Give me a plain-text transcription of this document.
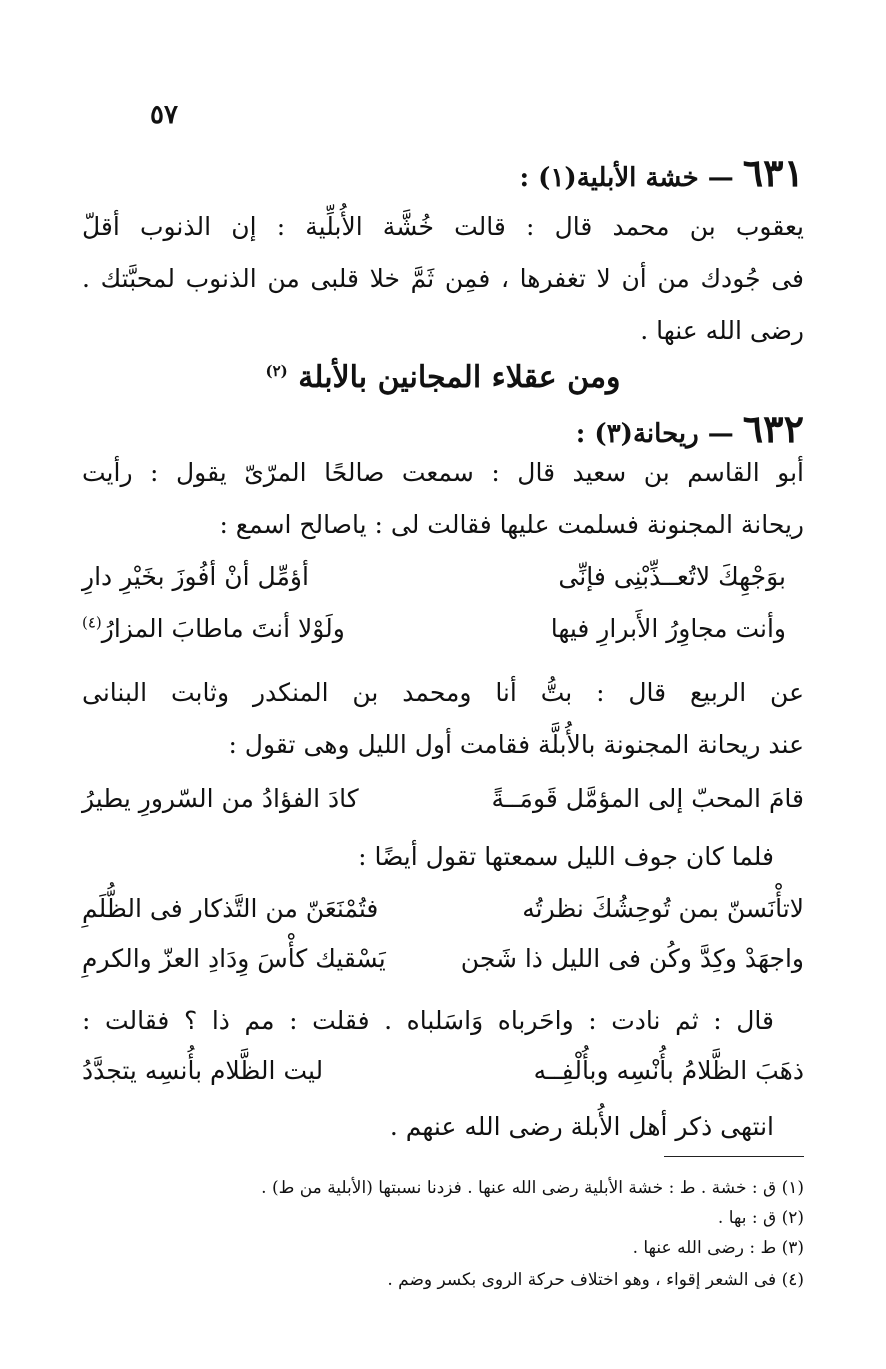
٥٧
٦٣١ — خشة الأبلية(١) :
يعقوب بن محمد قال : قالت خُشَّة الأُبلِّية : إن الذنوب أقلّ
فى جُودك من أن لا تغفرها ، فمِن ثَمَّ خلا قلبى من الذنوب لمحبَّتك .
رضى الله عنها .
ومن عقلاء المجانين بالأبلة $^{(٢)}$
٦٣٢ — ريحانة(٣) :
أبو القاسم بن سعيد قال : سمعت صالحًا المرّىّ يقول : رأيت
ريحانة المجنونة فسلمت عليها فقالت لى : ياصالح اسمع :
بوَجْهِكَ لاتُعــذِّبْنِى فإنِّى
أؤمِّل أنْ أفُوزَ بخَيْرِ دارِ
وأنت مجاوِرُ الأَبرارِ فيها
ولَوْلا أنتَ ماطابَ المزارُ$^{(٤)}$
عن الربيع قال : بتُّ أنا ومحمد بن المنكدر وثابت البنانى
عند ريحانة المجنونة بالأُبلَّة فقامت أول الليل وهى تقول :
قامَ المحبّ إلى المؤمَّل قَومَــةً
كادَ الفؤادُ من السّرورِ يطيرُ
فلما كان جوف الليل سمعتها تقول أيضًا :
لاتأْنَسنّ بمن تُوحِشُكَ نظرتُه
فتُمْنَعَنّ من التَّذكار فى الظُّلَمِ
واجهَدْ وكِدَّ وكُن فى الليل ذا شَجن
يَسْقيك كأْسَ وِدَادِ العزّ والكرمِ
قال : ثم نادت : واحَرباه وَاسَلباه . فقلت : مم ذا ؟ فقالت :
ذهَبَ الظَّلامُ بأُنْسِه وبأُلْفِــه
ليت الظَّلام بأُنسِه يتجدَّدُ
انتهى ذكر أهل الأُبلة رضى الله عنهم .
(١) ق : خشة . ط : خشة الأبلية رضى الله عنها . فزدنا نسبتها (الأبلية من ط) .
(٢) ق : بها .
(٣) ط : رضى الله عنها .
(٤) فى الشعر إقواء ، وهو اختلاف حركة الروى بكسر وضم .
